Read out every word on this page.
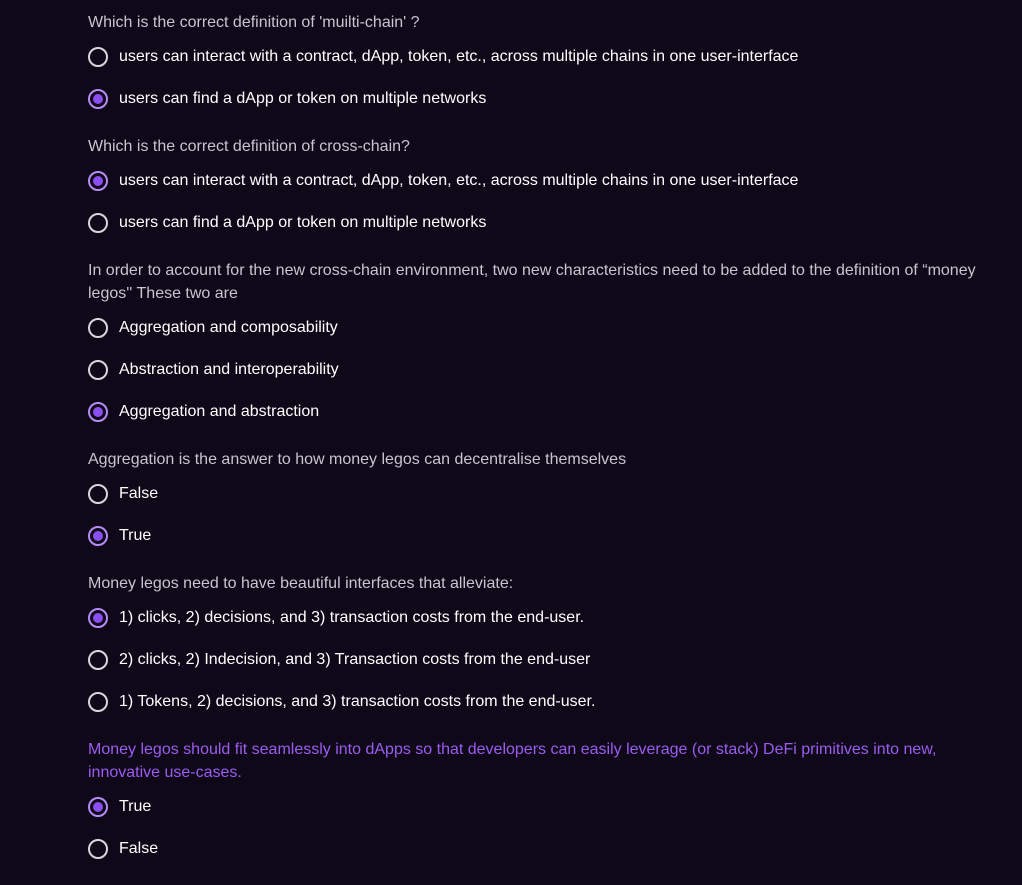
Which is the correct definition of 'muilti-chain' ?
users can interact with a contract, dApp, token, etc., across multiple chains in one user-interface
users can find a dApp or token on multiple networks
Which is the correct definition of cross-chain?
users can interact with a contract, dApp, token, etc., across multiple chains in one user-interface
users can find a dApp or token on multiple networks
In order to account for the new cross-chain environment, two new characteristics need to be added to the definition of “money legos'' These two are
Aggregation and composability
Abstraction and interoperability
Aggregation and abstraction
Aggregation is the answer to how money legos can decentralise themselves
False
True
Money legos need to have beautiful interfaces that alleviate:
1) clicks, 2) decisions, and 3) transaction costs from the end-user.
2) clicks, 2) Indecision, and 3) Transaction costs from the end-user
1) Tokens, 2) decisions, and 3) transaction costs from the end-user.
Money legos should fit seamlessly into dApps so that developers can easily leverage (or stack) DeFi primitives into new, innovative use-cases.
True
False
